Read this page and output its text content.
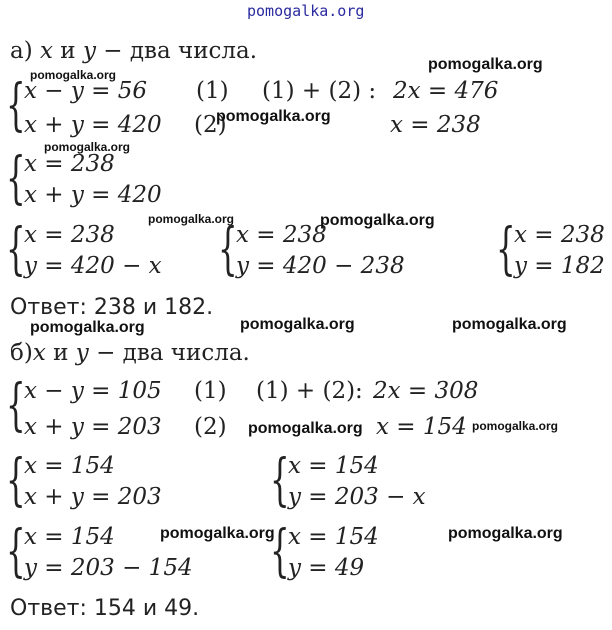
pomogalka.org
а) x и y − два числа.
{
x − y = 56
x + y = 420
(1)
(2)
(1) + (2) : 2x = 476
x = 238
{
x = 238
x + y = 420
{
x = 238
y = 420 − x {
x = 238
y = 420 − 238 {
x = 238
y = 182
Ответ: 238 и 182.
б)x и y − два числа.
{
x − y = 105
x + y = 203
(1)
(2)
(1) + (2): 2x = 308
x = 154
{
x = 154
x + y = 203 {
x = 154
y = 203 − x
{
x = 154
y = 203 − 154 {
x = 154
y = 49
Ответ: 154 и 49.
pomogalka.org
pomogalka.org
pomogalka.org
pomogalka.org
pomogalka.org	pomogalka.org
pomogalka.org	pomogalka.org	pomogalka.org
pomogalka.org	pomogalka.org
pomogalka.org	pomogalka.org
